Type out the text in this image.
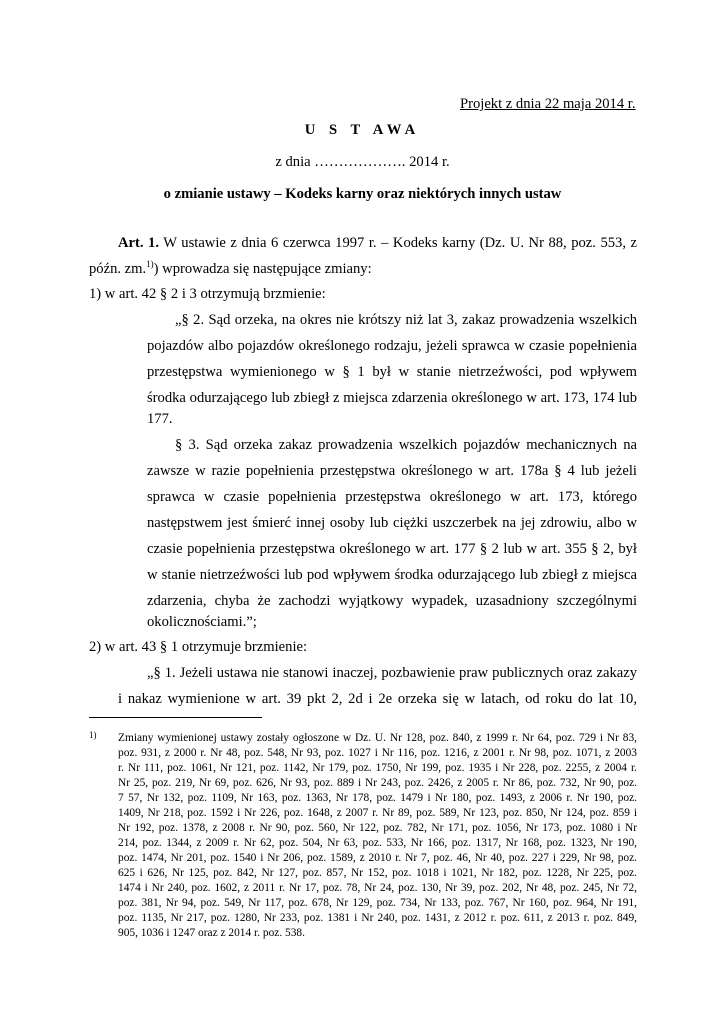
Projekt z dnia 22 maja 2014 r.
U S T AWA
z dnia ………………. 2014 r.
o zmianie ustawy – Kodeks karny oraz niektórych innych ustaw
Art. 1. W ustawie z dnia 6 czerwca 1997 r. – Kodeks karny (Dz. U. Nr 88, poz. 553, z
późn. zm.$^{1)}$) wprowadza się następujące zmiany:
1) w art. 42 § 2 i 3 otrzymują brzmienie:
„§ 2. Sąd orzeka, na okres nie krótszy niż lat 3, zakaz prowadzenia wszelkich
pojazdów albo pojazdów określonego rodzaju, jeżeli sprawca w czasie popełnienia
przestępstwa wymienionego w § 1 był w stanie nietrzeźwości, pod wpływem
środka odurzającego lub zbiegł z miejsca zdarzenia określonego w art. 173, 174 lub
177.
§ 3. Sąd orzeka zakaz prowadzenia wszelkich pojazdów mechanicznych na
zawsze w razie popełnienia przestępstwa określonego w art. 178a § 4 lub jeżeli
sprawca w czasie popełnienia przestępstwa określonego w art. 173, którego
następstwem jest śmierć innej osoby lub ciężki uszczerbek na jej zdrowiu, albo w
czasie popełnienia przestępstwa określonego w art. 177 § 2 lub w art. 355 § 2, był
w stanie nietrzeźwości lub pod wpływem środka odurzającego lub zbiegł z miejsca
zdarzenia, chyba że zachodzi wyjątkowy wypadek, uzasadniony szczególnymi
okolicznościami.”;
2) w art. 43 § 1 otrzymuje brzmienie:
„§ 1. Jeżeli ustawa nie stanowi inaczej, pozbawienie praw publicznych oraz zakazy
i nakaz wymienione w art. 39 pkt 2, 2d i 2e orzeka się w latach, od roku do lat 10,
1) Zmiany wymienionej ustawy zostały ogłoszone w Dz. U. Nr 128, poz. 840, z 1999 r. Nr 64, poz. 729 i Nr 83,
poz. 931, z 2000 r. Nr 48, poz. 548, Nr 93, poz. 1027 i Nr 116, poz. 1216, z 2001 r. Nr 98, poz. 1071, z 2003
r. Nr 111, poz. 1061, Nr 121, poz. 1142, Nr 179, poz. 1750, Nr 199, poz. 1935 i Nr 228, poz. 2255, z 2004 r.
Nr 25, poz. 219, Nr 69, poz. 626, Nr 93, poz. 889 i Nr 243, poz. 2426, z 2005 r. Nr 86, poz. 732, Nr 90, poz.
7 57, Nr 132, poz. 1109, Nr 163, poz. 1363, Nr 178, poz. 1479 i Nr 180, poz. 1493, z 2006 r. Nr 190, poz.
1409, Nr 218, poz. 1592 i Nr 226, poz. 1648, z 2007 r. Nr 89, poz. 589, Nr 123, poz. 850, Nr 124, poz. 859 i
Nr 192, poz. 1378, z 2008 r. Nr 90, poz. 560, Nr 122, poz. 782, Nr 171, poz. 1056, Nr 173, poz. 1080 i Nr
214, poz. 1344, z 2009 r. Nr 62, poz. 504, Nr 63, poz. 533, Nr 166, poz. 1317, Nr 168, poz. 1323, Nr 190,
poz. 1474, Nr 201, poz. 1540 i Nr 206, poz. 1589, z 2010 r. Nr 7, poz. 46, Nr 40, poz. 227 i 229, Nr 98, poz.
625 i 626, Nr 125, poz. 842, Nr 127, poz. 857, Nr 152, poz. 1018 i 1021, Nr 182, poz. 1228, Nr 225, poz.
1474 i Nr 240, poz. 1602, z 2011 r. Nr 17, poz. 78, Nr 24, poz. 130, Nr 39, poz. 202, Nr 48, poz. 245, Nr 72,
poz. 381, Nr 94, poz. 549, Nr 117, poz. 678, Nr 129, poz. 734, Nr 133, poz. 767, Nr 160, poz. 964, Nr 191,
poz. 1135, Nr 217, poz. 1280, Nr 233, poz. 1381 i Nr 240, poz. 1431, z 2012 r. poz. 611, z 2013 r. poz. 849,
905, 1036 i 1247 oraz z 2014 r. poz. 538.
